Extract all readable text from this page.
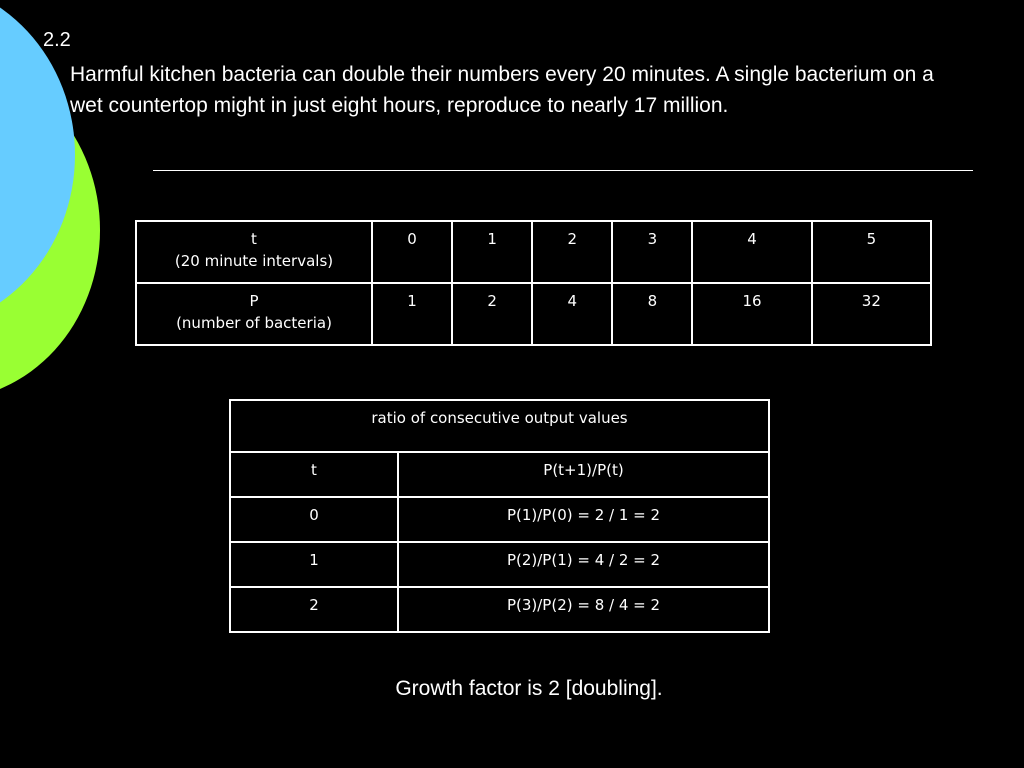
2.2

Harmful kitchen bacteria can double their numbers every 20 minutes. A single bacterium on a wet countertop might in just eight hours, reproduce to nearly 17 million.

t
(20 minute intervals)	0	1	2	3	4	5

P
(number of bacteria)	1	2	4	8	16	32
ratio of consecutive output values	
t	P(t+1)/P(t)
0	P(1)/P(0) = 2 / 1 = 2
1	P(2)/P(1) = 4 / 2 = 2
2	P(3)/P(2) = 8 / 4 = 2
Growth factor is 2 [doubling].
